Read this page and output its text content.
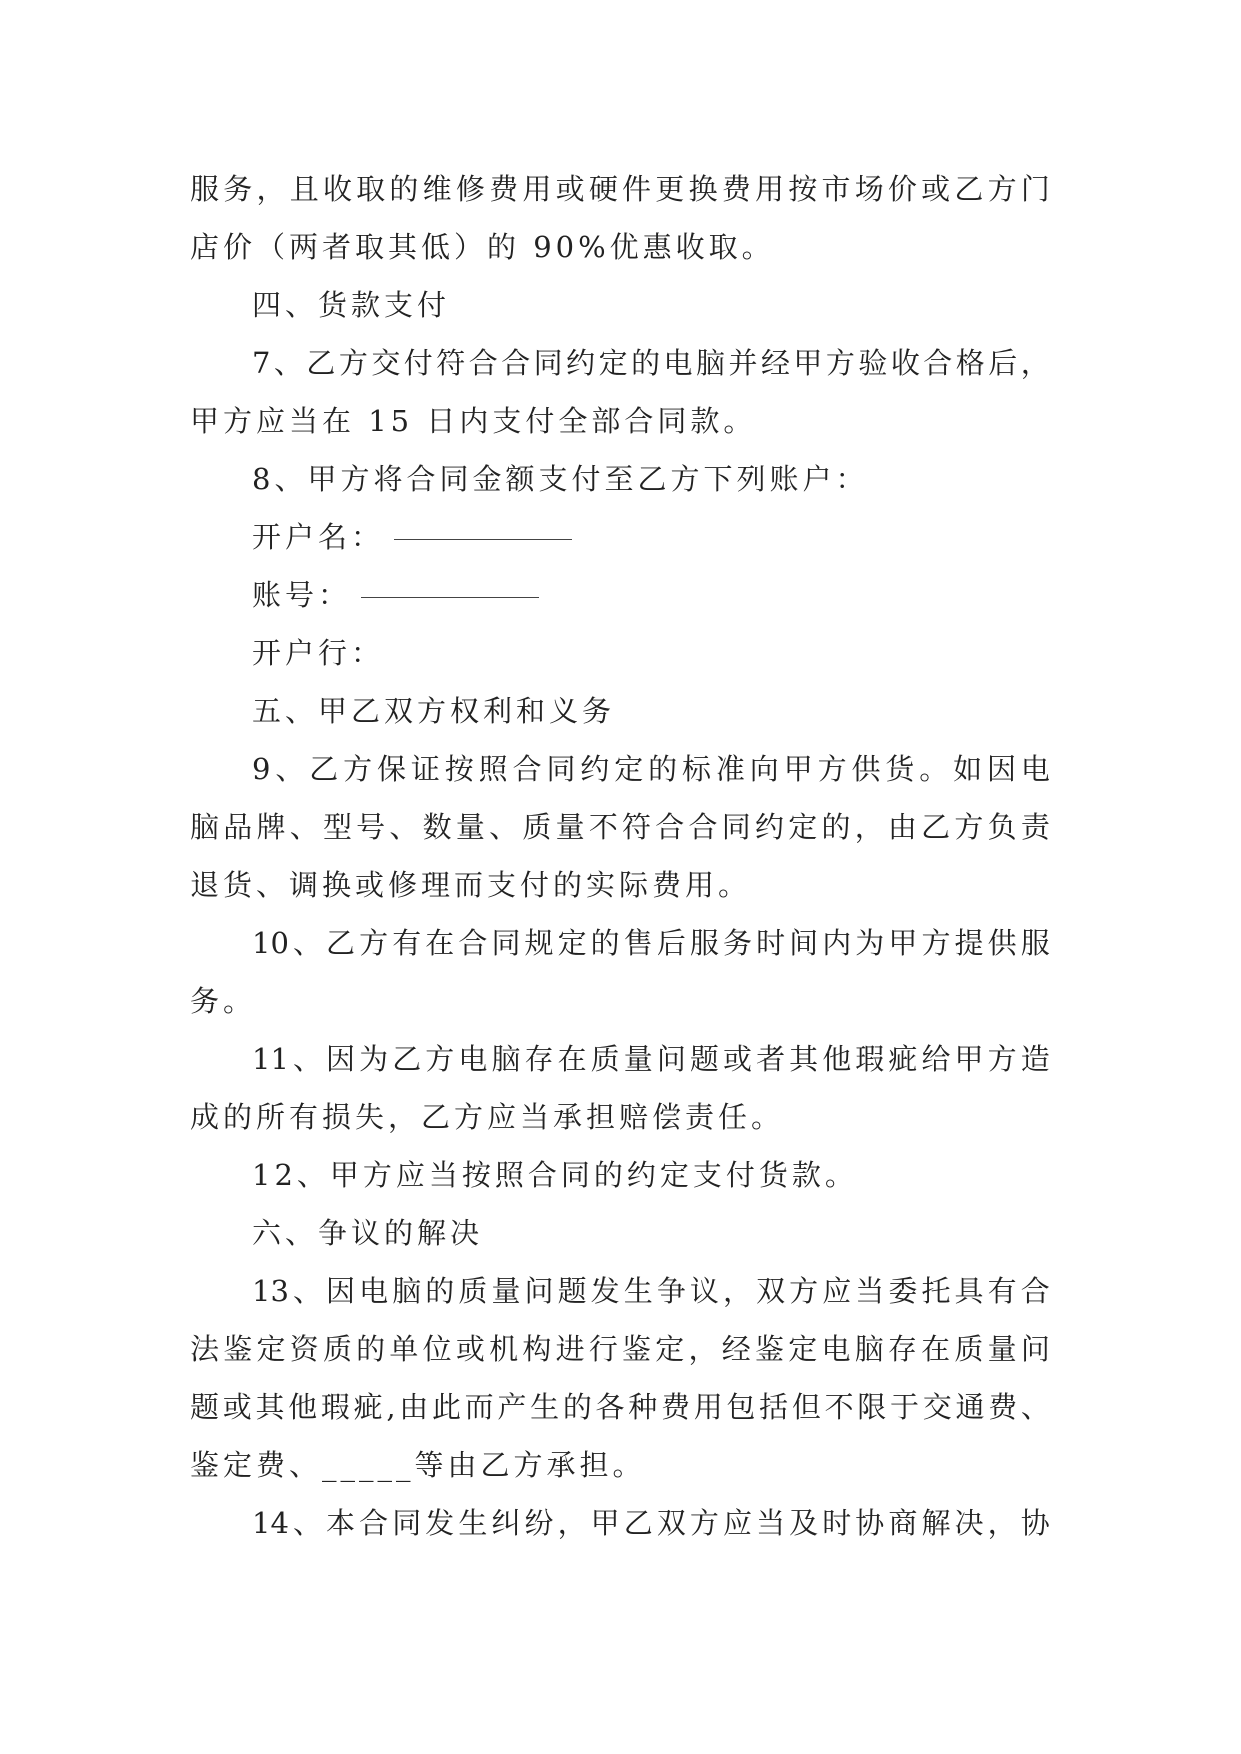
服 务 ， 且 收 取 的 维 修 费 用 或 硬 件 更 换 费 用 按 市 场 价 或 乙 方 门
店价（两者取其低）的 90%优惠收取。
四、货款支付
7 、 乙 方 交 付 符 合 合 同 约 定 的 电 脑 并 经 甲 方 验 收 合 格 后 ，
甲方应当在 15 日内支付全部合同款。
8、甲方将合同金额支付至乙方下列账户：
开户名：
账号：
开户行：
五、甲乙双方权利和义务
9 、 乙 方 保 证 按 照 合 同 约 定 的 标 准 向 甲 方 供 货 。 如 因 电
脑 品 牌 、 型 号 、 数 量 、 质 量 不 符 合 合 同 约 定 的 ， 由 乙 方 负 责
退货、调换或修理而支付的实际费用。
10 、 乙 方 有 在 合 同 规 定 的 售 后 服 务 时 间 内 为 甲 方 提 供 服
务。
11 、 因 为 乙 方 电 脑 存 在 质 量 问 题 或 者 其 他 瑕 疵 给 甲 方 造
成的所有损失，乙方应当承担赔偿责任。
12、甲方应当按照合同的约定支付货款。
六、争议的解决
13 、 因 电 脑 的 质 量 问 题 发 生 争 议 ， 双 方 应 当 委 托 具 有 合
法 鉴 定 资 质 的 单 位 或 机 构 进 行 鉴 定 ， 经 鉴 定 电 脑 存 在 质 量 问
题 或 其 他 瑕 疵 , 由 此 而 产 生 的 各 种 费 用 包 括 但 不 限 于 交 通 费 、
鉴定费、_____等由乙方承担。
14 、 本 合 同 发 生 纠 纷 ， 甲 乙 双 方 应 当 及 时 协 商 解 决 ， 协
